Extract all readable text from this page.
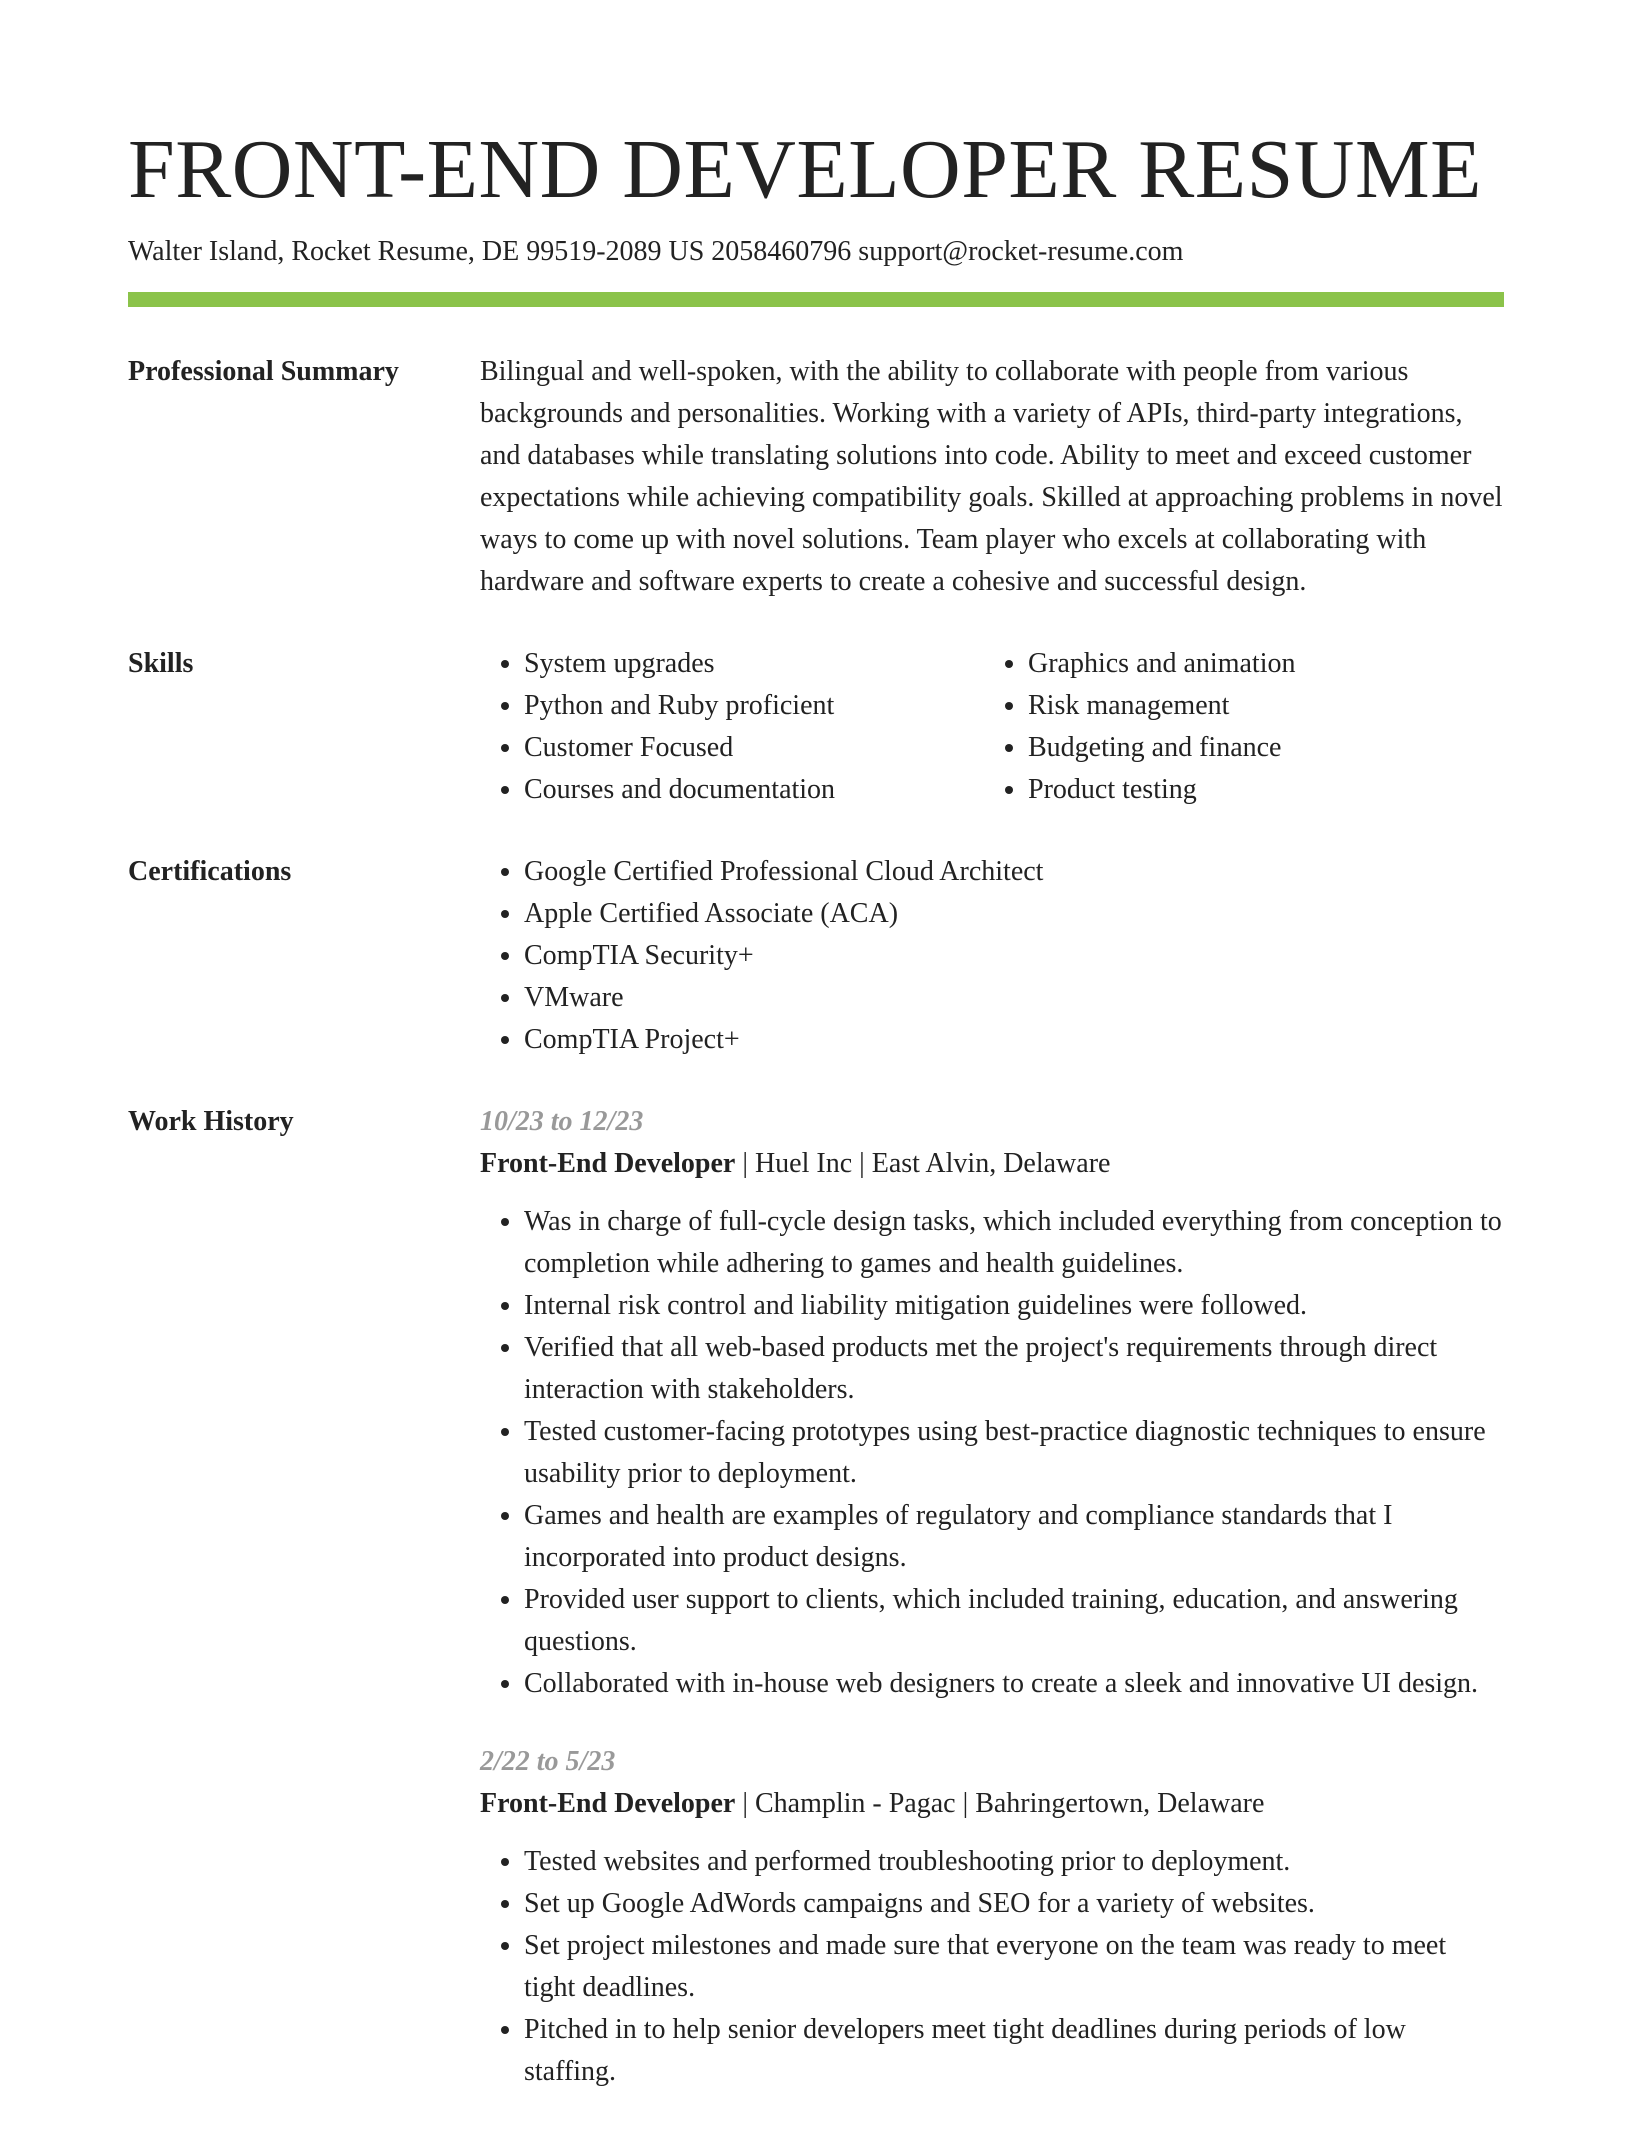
FRONT-END DEVELOPER RESUME
Walter Island, Rocket Resume, DE 99519-2089 US 2058460796 support@rocket-resume.com
Professional Summary	Bilingual and well-spoken, with the ability to collaborate with people from various backgrounds and personalities. Working with a variety of APIs, third-party integrations, and databases while translating solutions into code. Ability to meet and exceed customer expectations while achieving compatibility goals. Skilled at approaching problems in novel ways to come up with novel solutions. Team player who excels at collaborating with hardware and software experts to create a cohesive and successful design.

Skills	• System upgrades
• Python and Ruby proficient
• Customer Focused
• Courses and documentation
• Graphics and animation
• Risk management
• Budgeting and finance
• Product testing
Certifications	• Google Certified Professional Cloud Architect
• Apple Certified Associate (ACA)
• CompTIA Security+
• VMware
• CompTIA Project+
Work History	10/23 to 12/23
Front-End Developer | Huel Inc | East Alvin, Delaware
• Was in charge of full-cycle design tasks, which included everything from conception to completion while adhering to games and health guidelines.
• Internal risk control and liability mitigation guidelines were followed.
• Verified that all web-based products met the project's requirements through direct interaction with stakeholders.
• Tested customer-facing prototypes using best-practice diagnostic techniques to ensure usability prior to deployment.
• Games and health are examples of regulatory and compliance standards that I incorporated into product designs.
• Provided user support to clients, which included training, education, and answering questions.
• Collaborated with in-house web designers to create a sleek and innovative UI design.
2/22 to 5/23
Front-End Developer | Champlin - Pagac | Bahringertown, Delaware
• Tested websites and performed troubleshooting prior to deployment.
• Set up Google AdWords campaigns and SEO for a variety of websites.
• Set project milestones and made sure that everyone on the team was ready to meet tight deadlines.
• Pitched in to help senior developers meet tight deadlines during periods of low staffing.
